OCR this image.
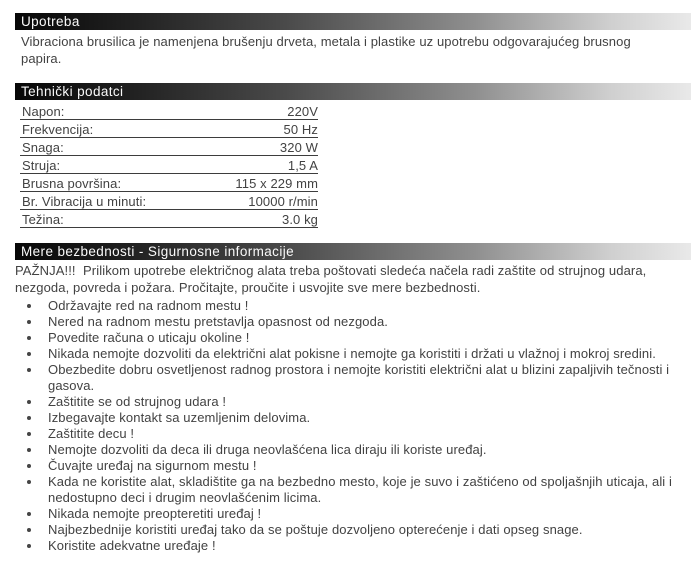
Upotreba

Vibraciona brusilica je namenjena brušenju drveta, metala i plastike uz upotrebu odgovarajućeg brusnog papira.

Tehnički podatci
Napon:	220V
Frekvencija:	50 Hz
Snaga:	320 W
Struja:	1,5 A
Brusna površina:	115 x 229 mm
Br. Vibracija u minuti:	10000 r/min
Težina:	3.0 kg
Mere bezbednosti - Sigurnosne informacije

PAŽNJA!!!  Prilikom upotrebe električnog alata treba poštovati sledeća načela radi zaštite od strujnog udara, nezgoda, povreda i požara. Pročitajte, proučite i usvojite sve mere bezbednosti.

Održavajte red na radnom mestu !
Nered na radnom mestu pretstavlja opasnost od nezgoda.
Povedite računa o uticaju okoline !
Nikada nemojte dozvoliti da električni alat pokisne i nemojte ga koristiti i držati u vlažnoj i mokroj sredini.
Obezbedite dobru osvetljenost radnog prostora i nemojte koristiti električni alat u blizini zapaljivih tečnosti i gasova.
Zaštitite se od strujnog udara !
Izbegavajte kontakt sa uzemljenim delovima.
Zaštitite decu !
Nemojte dozvoliti da deca ili druga neovlašćena lica diraju ili koriste uređaj.
Čuvajte uređaj na sigurnom mestu !
Kada ne koristite alat, skladištite ga na bezbedno mesto, koje je suvo i zaštićeno od spoljašnjih uticaja, ali i nedostupno deci i drugim neovlašćenim licima.
Nikada nemojte preopteretiti uređaj !
Najbezbednije koristiti uređaj tako da se poštuje dozvoljeno opterećenje i dati opseg snage.
Koristite adekvatne uređaje !
